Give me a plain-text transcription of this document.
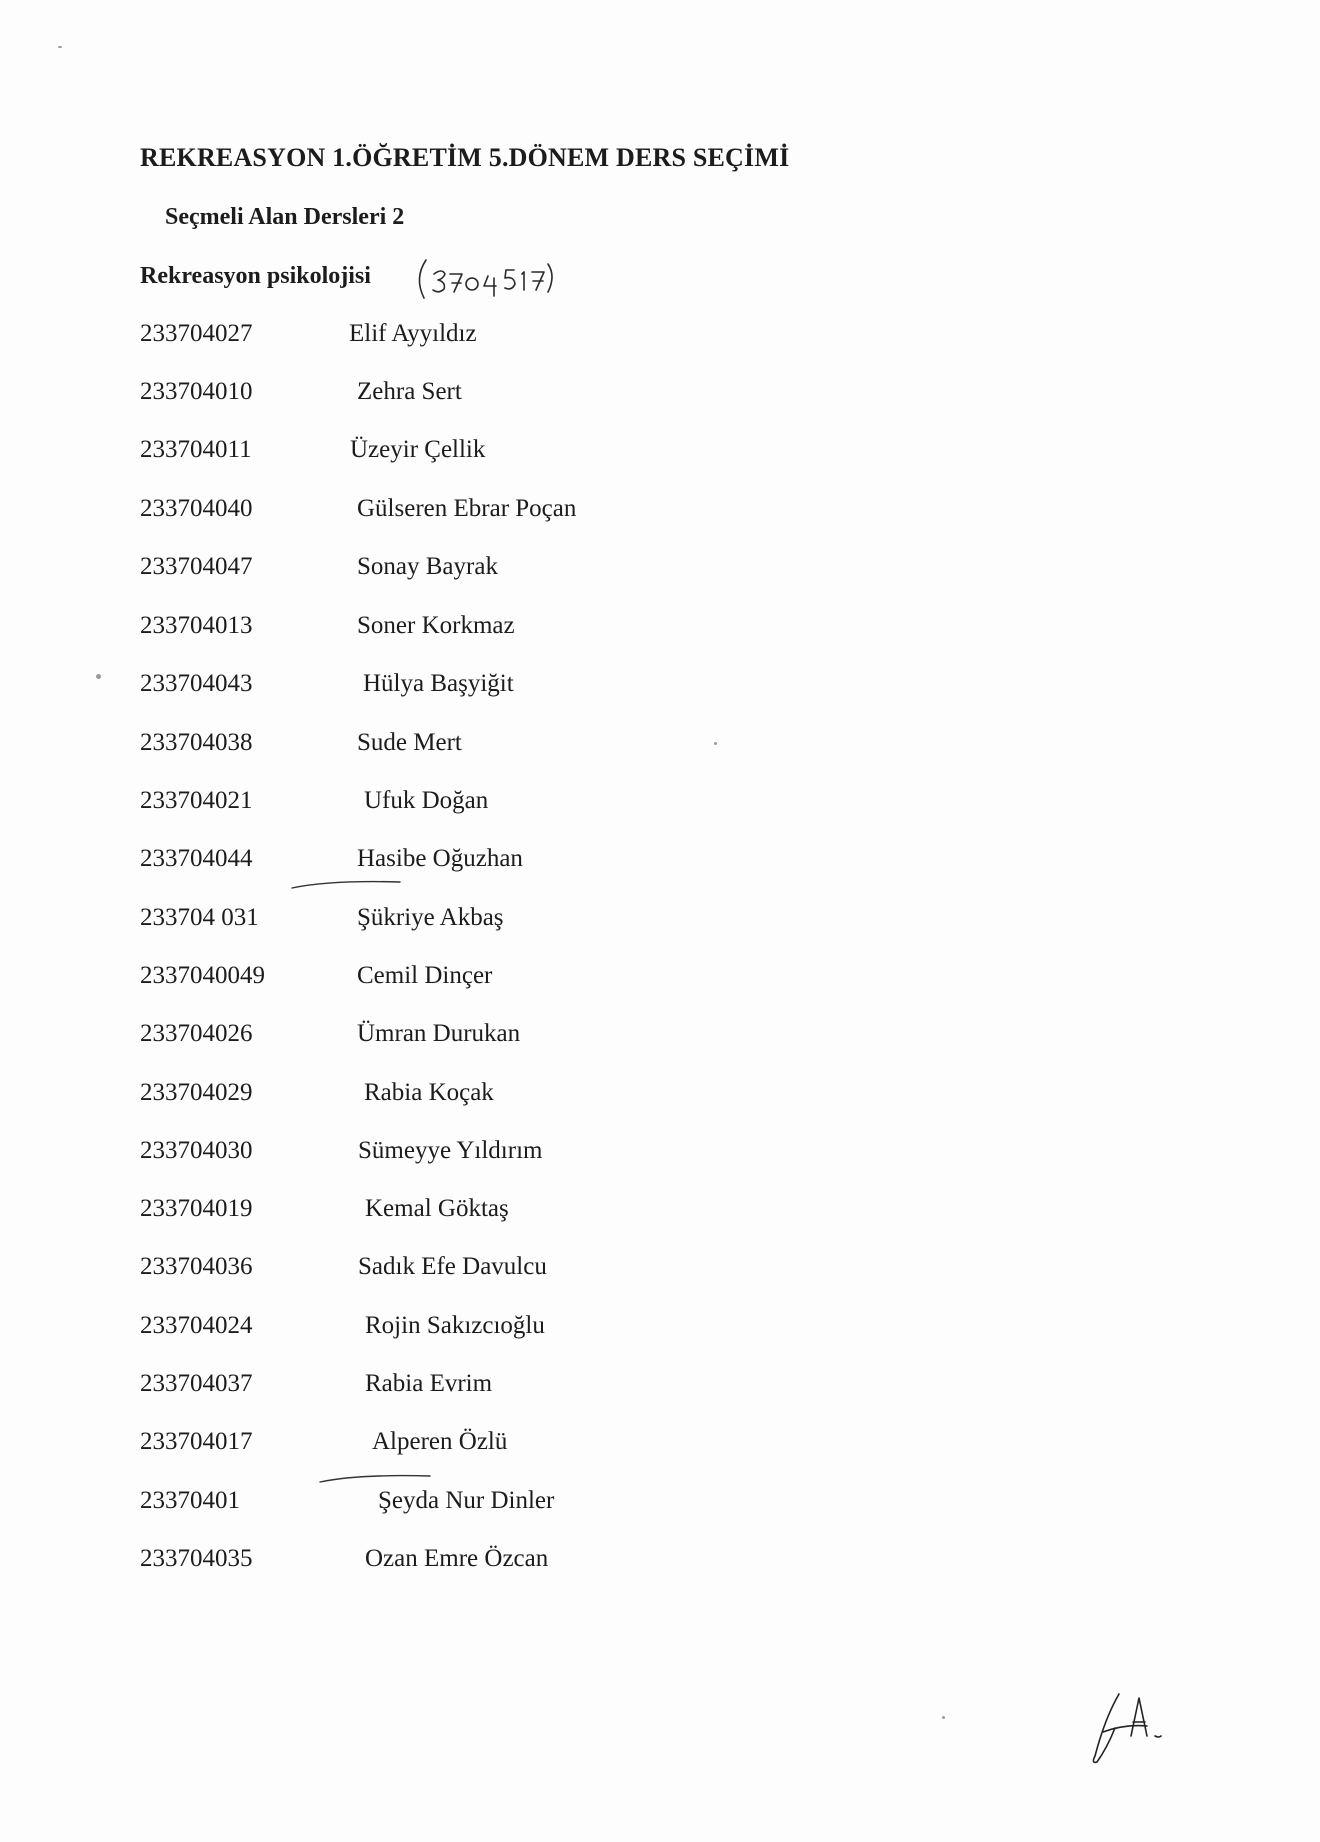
REKREASYON 1.ÖĞRETİM 5.DÖNEM DERS SEÇİMİ
Seçmeli Alan Dersleri 2
Rekreasyon psikolojisi
233704027	Elif Ayyıldız
233704010	Zehra Sert
233704011	Üzeyir Çellik
233704040	Gülseren Ebrar Poçan
233704047	Sonay Bayrak
233704013	Soner Korkmaz
233704043	Hülya Başyiğit
233704038	Sude Mert
233704021	Ufuk Doğan
233704044	Hasibe Oğuzhan
233704 031	Şükriye Akbaş
2337040049	Cemil Dinçer
233704026	Ümran Durukan
233704029	Rabia Koçak
233704030	Sümeyye Yıldırım
233704019	Kemal Göktaş
233704036	Sadık Efe Davulcu
233704024	Rojin Sakızcıoğlu
233704037	Rabia Evrim
233704017	Alperen Özlü
23370401	Şeyda Nur Dinler
233704035	Ozan Emre Özcan
